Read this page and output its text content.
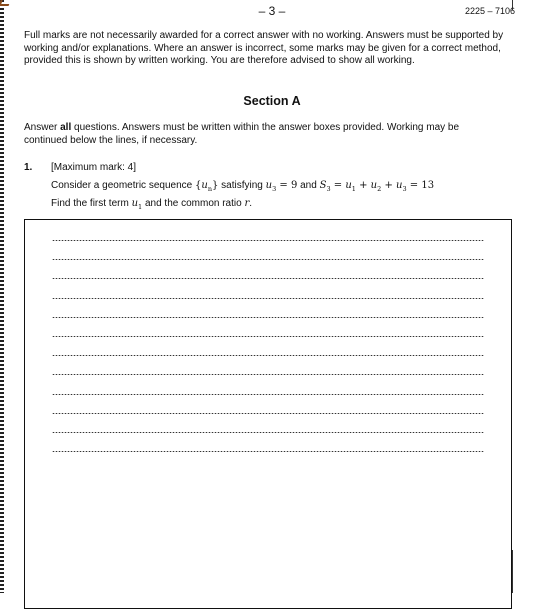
– 3 –	2225 – 7106
Full marks are not necessarily awarded for a correct answer with no working. Answers must be supported by working and/or explanations. Where an answer is incorrect, some marks may be given for a correct method, provided this is shown by written working. You are therefore advised to show all working.
Section A
Answer all questions. Answers must be written within the answer boxes provided. Working may be continued below the lines, if necessary.
1. [Maximum mark: 4]
Consider a geometric sequence $\{u_n\}$ satisfying $u_3 = 9$ and $S_3 = u_1 + u_2 + u_3 = 13$
Find the first term $u_1$ and the common ratio r.
